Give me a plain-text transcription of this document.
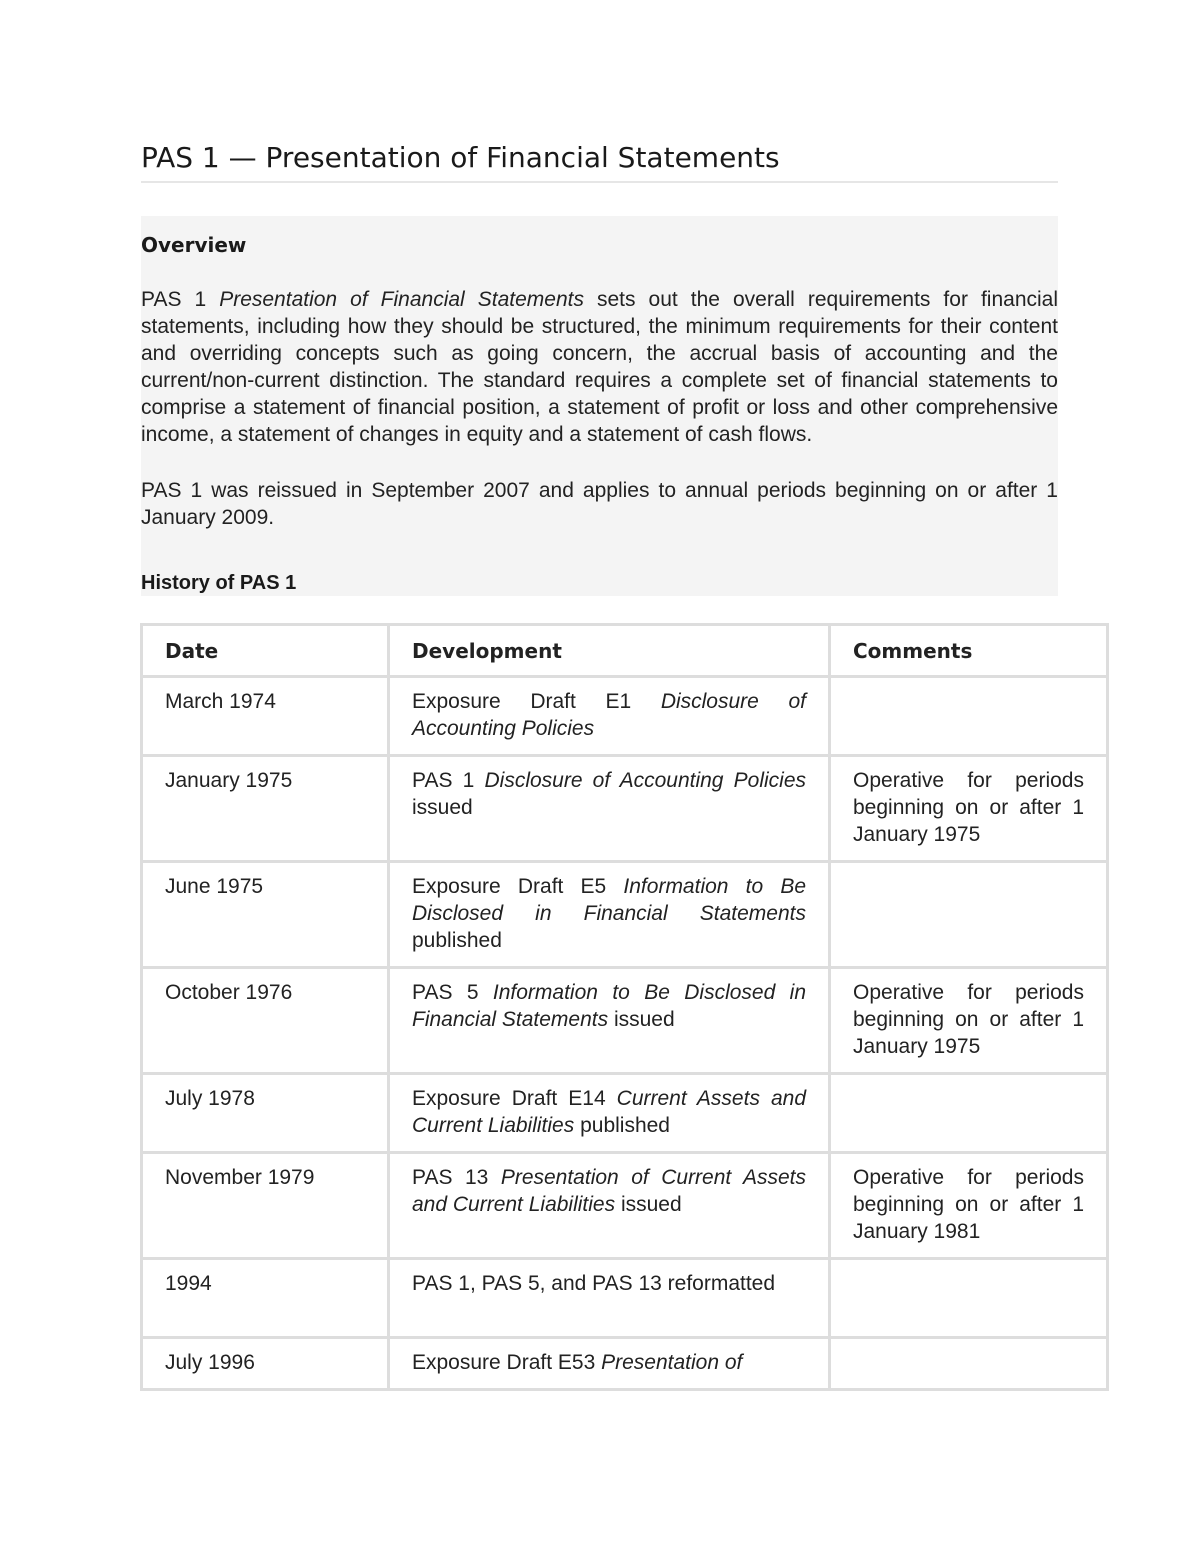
PAS 1 — Presentation of Financial Statements
Overview

PAS 1 Presentation of Financial Statements sets out the overall requirements for financial statements, including how they should be structured, the minimum requirements for their content and overriding concepts such as going concern, the accrual basis of accounting and the current/non-current distinction. The standard requires a complete set of financial statements to comprise a statement of financial position, a statement of profit or loss and other comprehensive income, a statement of changes in equity and a statement of cash flows.

PAS 1 was reissued in September 2007 and applies to annual periods beginning on or after 1 January 2009.

History of PAS 1
Date	Development	Comments
March 1974	Exposure Draft E1 Disclosure of Accounting Policies	
January 1975	PAS 1 Disclosure of Accounting Policies issued	Operative for periods beginning on or after 1 January 1975
June 1975	Exposure Draft E5 Information to Be Disclosed in Financial Statements published	
October 1976	PAS 5 Information to Be Disclosed in Financial Statements issued	Operative for periods beginning on or after 1 January 1975
July 1978	Exposure Draft E14 Current Assets and Current Liabilities published	
November 1979	PAS 13 Presentation of Current Assets and Current Liabilities issued	Operative for periods beginning on or after 1 January 1981
1994	PAS 1, PAS 5, and PAS 13 reformatted	
July 1996	Exposure Draft E53 Presentation of	
